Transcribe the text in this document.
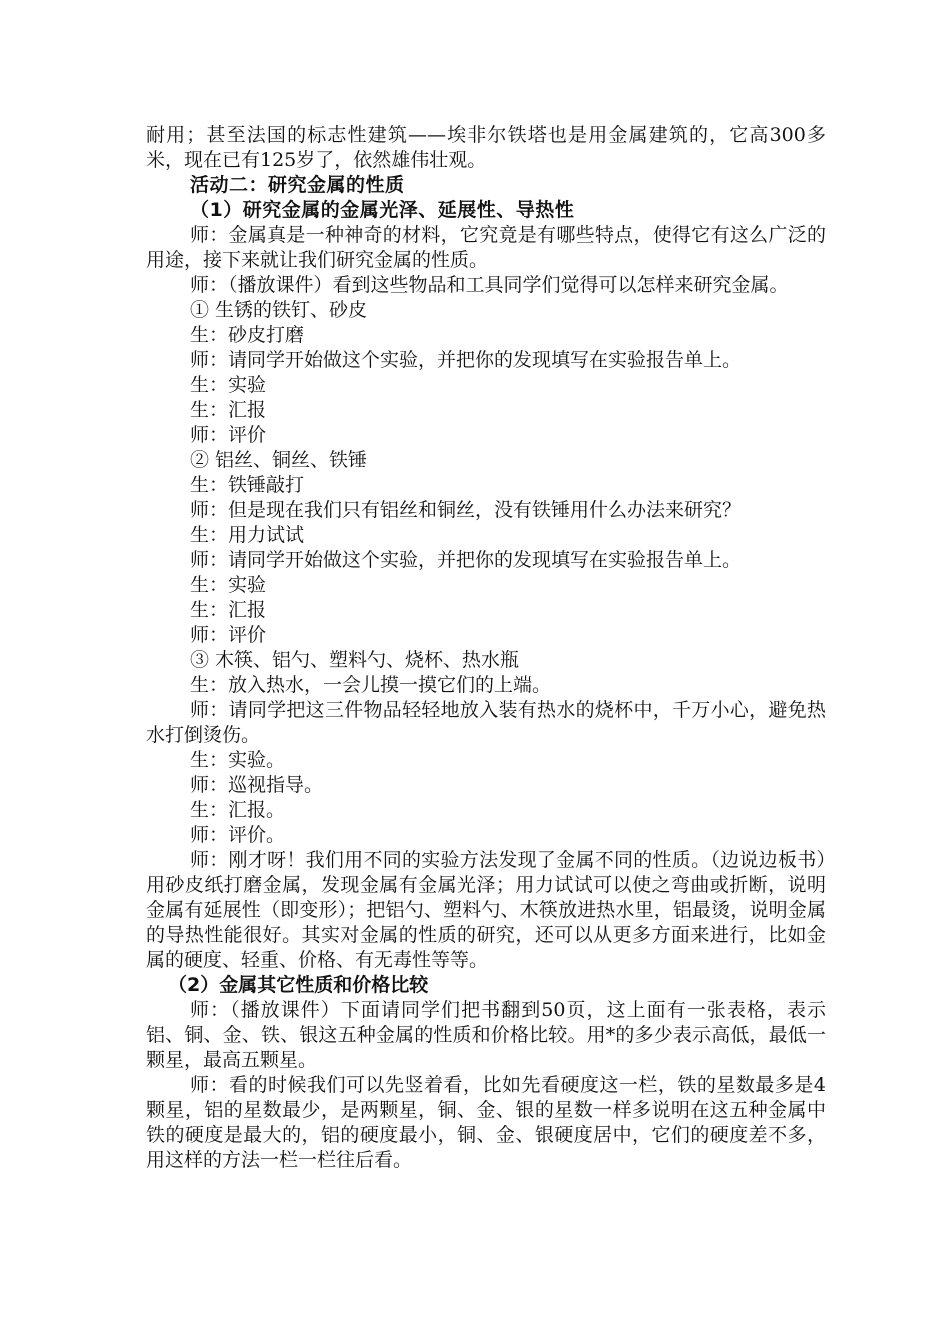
耐用；甚至法国的标志性建筑——埃非尔铁塔也是用金属建筑的，它高300多米，现在已有125岁了，依然雄伟壮观。

活动二：研究金属的性质

（1）研究金属的金属光泽、延展性、导热性

师：金属真是一种神奇的材料，它究竟是有哪些特点，使得它有这么广泛的用途，接下来就让我们研究金属的性质。

师：（播放课件）看到这些物品和工具同学们觉得可以怎样来研究金属。

① 生锈的铁钉、砂皮

生：砂皮打磨

师：请同学开始做这个实验，并把你的发现填写在实验报告单上。

生：实验

生：汇报

师：评价

② 铝丝、铜丝、铁锤

生：铁锤敲打

师：但是现在我们只有铝丝和铜丝，没有铁锤用什么办法来研究？

生：用力试试

师：请同学开始做这个实验，并把你的发现填写在实验报告单上。

生：实验

生：汇报

师：评价

③ 木筷、铝勺、塑料勺、烧杯、热水瓶

生：放入热水，一会儿摸一摸它们的上端。

师：请同学把这三件物品轻轻地放入装有热水的烧杯中，千万小心，避免热水打倒烫伤。

生：实验。

师：巡视指导。

生：汇报。

师：评价。

师：刚才呀！我们用不同的实验方法发现了金属不同的性质。（边说边板书）用砂皮纸打磨金属，发现金属有金属光泽；用力试试可以使之弯曲或折断，说明金属有延展性（即变形）；把铝勺、塑料勺、木筷放进热水里，铝最烫，说明金属的导热性能很好。其实对金属的性质的研究，还可以从更多方面来进行，比如金属的硬度、轻重、价格、有无毒性等等。

（2）金属其它性质和价格比较

师：（播放课件）下面请同学们把书翻到50页，这上面有一张表格，表示铝、铜、金、铁、银这五种金属的性质和价格比较。用*的多少表示高低，最低一颗星，最高五颗星。

师：看的时候我们可以先竖着看，比如先看硬度这一栏，铁的星数最多是4颗星，铝的星数最少，是两颗星，铜、金、银的星数一样多说明在这五种金属中铁的硬度是最大的，铝的硬度最小，铜、金、银硬度居中，它们的硬度差不多，用这样的方法一栏一栏往后看。
